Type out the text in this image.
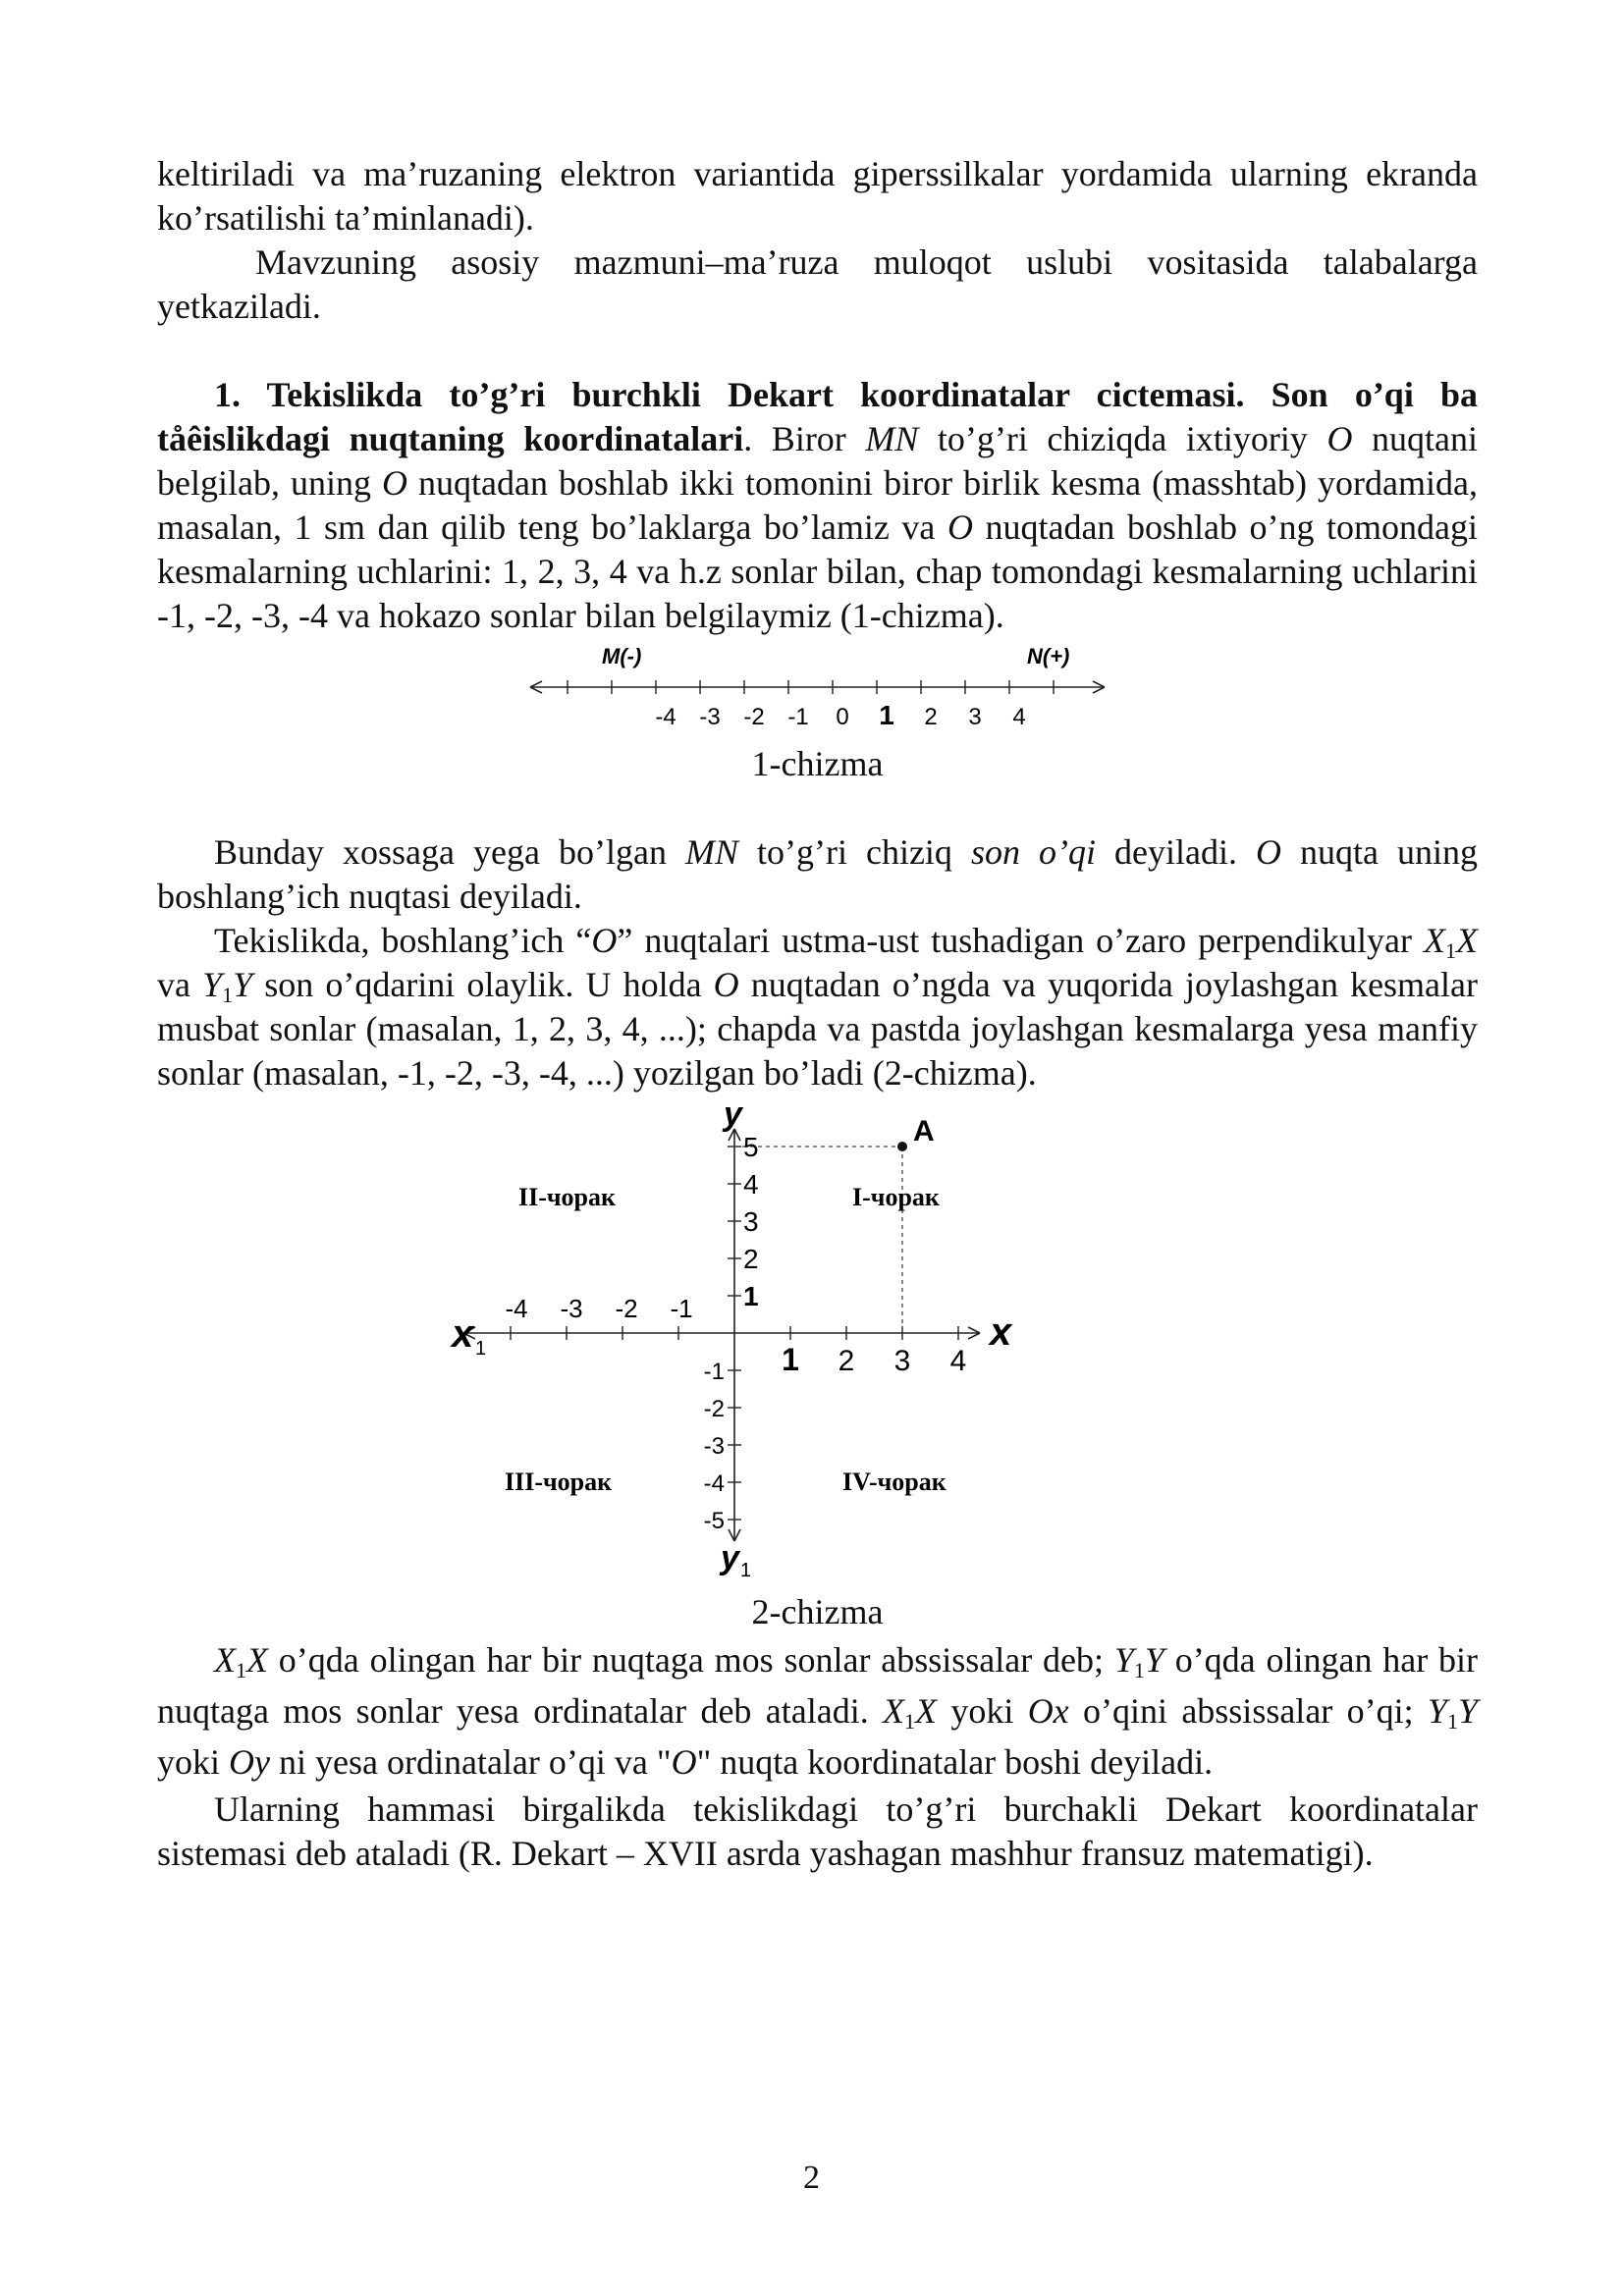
keltiriladi va ma’ruzaning elektron variantida giperssilkalar yordamida ularning ekranda ko’rsatilishi ta’minlanadi).

Mavzuning asosiy mazmuni–ma’ruza muloqot uslubi vositasida talabalarga yetkaziladi.

1. Tekislikda to’g’ri burchkli Dekart koordinatalar cictemasi. Son o’qi ba tåêislikdagi nuqtaning koordinatalari. Biror MN to’g’ri chiziqda ixtiyoriy O nuqtani belgilab, uning O nuqtadan boshlab ikki tomonini biror birlik kesma (masshtab) yordamida, masalan, 1 sm dan qilib teng bo’laklarga bo’lamiz va O nuqtadan boshlab o’ng tomondagi kesmalarning uchlarini: 1, 2, 3, 4 va h.z sonlar bilan, chap tomondagi kesmalarning uchlarini -1, -2, -3, -4 va hokazo sonlar bilan belgilaymiz (1-chizma).

M(-)	N(+)
-4 -3 -2 -1 0 1 2 3 4

1-chizma

Bunday xossaga yega bo’lgan MN to’g’ri chiziq son o’qi deyiladi. O nuqta uning boshlang’ich nuqtasi deyiladi.

Tekislikda, boshlang’ich “O” nuqtalari ustma-ust tushadigan o’zaro perpendikulyar $X_1X$ va $Y_1Y$ son o’qdarini olaylik. U holda O nuqtadan o’ngda va yuqorida joylashgan kesmalar musbat sonlar (masalan, 1, 2, 3, 4, ...); chapda va pastda joylashgan kesmalarga yesa manfiy sonlar (masalan, -1, -2, -3, -4, ...) yozilgan bo’ladi (2-chizma).

A
y
y 1
x
x 1
-4 -3 -2 -1
1 2 3 4
5
4
3
2
1
-1
-2
-3
-4
-5
II-чорак	I-чорак
III-чорак	IV-чорак

2-chizma

$X_1X$ o’qda olingan har bir nuqtaga mos sonlar abssissalar deb; $Y_1Y$ o’qda olingan har bir nuqtaga mos sonlar yesa ordinatalar deb ataladi. $X_1X$ yoki Ox o’qini abssissalar o’qi; $Y_1Y$ yoki Oy ni yesa ordinatalar o’qi va "O" nuqta koordinatalar boshi deyiladi.

Ularning hammasi birgalikda tekislikdagi to’g’ri burchakli Dekart koordinatalar sistemasi deb ataladi (R. Dekart – XVII asrda yashagan mashhur fransuz matematigi).

2
